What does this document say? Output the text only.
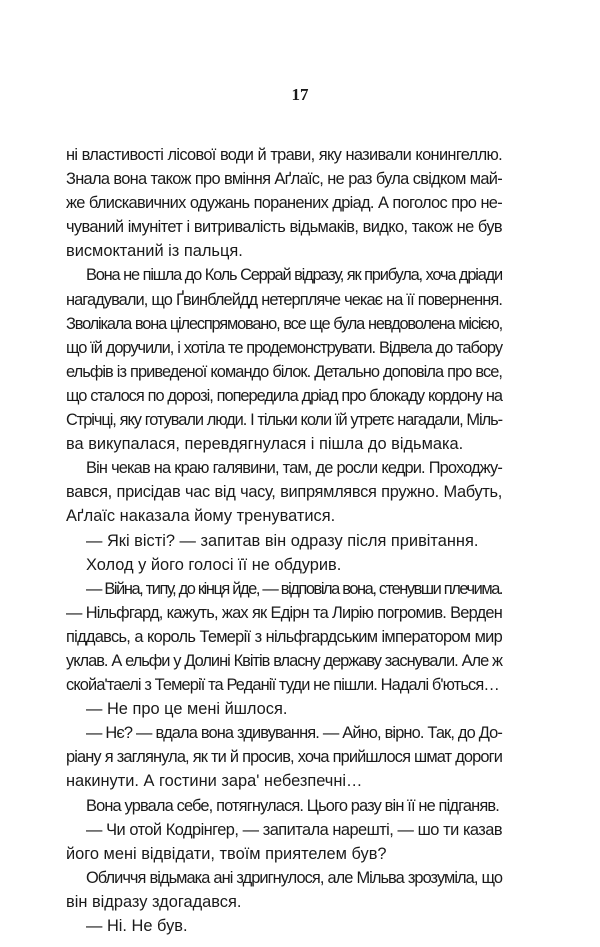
17
ні властивості лісової води й трави, яку називали конингеллю.
Знала вона також про вміння Аґлаїс, не раз була свідком май-
же блискавичних одужань поранених дріад. А поголос про не-
чуваний імунітет і витривалість відьмаків, видко, також не був
висмоктаний із пальця.
Вона не пішла до Коль Серрай відразу, як прибула, хоча дріади
нагадували, що Ґвинблейдд нетерпляче чекає на її повернення.
Зволікала вона цілеспрямовано, все ще була невдоволена місією,
що їй доручили, і хотіла те продемонструвати. Відвела до табору
ельфів із приведеної командо білок. Детально доповіла про все,
що сталося по дорозі, попередила дріад про блокаду кордону на
Стрічці, яку готували люди. І тільки коли їй утретє нагадали, Міль-
ва викупалася, перевдягнулася і пішла до відьмака.
Він чекав на краю галявини, там, де росли кедри. Проходжу-
вався, присідав час від часу, випрямлявся пружно. Мабуть,
Аґлаїс наказала йому тренуватися.
— Які вісті? — запитав він одразу після привітання.
Холод у його голосі її не обдурив.
— Війна, типу, до кінця йде, — відповіла вона, стенувши плечима.
— Нільфгард, кажуть, жах як Едірн та Лирію погромив. Верден
піддавсь, а король Темерії з нільфгардським імператором мир
уклав. А ельфи у Долині Квітів власну державу заснували. Але ж
скойа'таелі з Темерії та Реданії туди не пішли. Надалі б'ються…
— Не про це мені йшлося.
— Нє? — вдала вона здивування. — Айно, вірно. Так, до До-
ріану я заглянула, як ти й просив, хоча прийшлося шмат дороги
накинути. А гостини зара' небезпечні…
Вона урвала себе, потягнулася. Цього разу він її не підганяв.
— Чи отой Кодрінгер, — запитала нарешті, — шо ти казав
його мені відвідати, твоїм приятелем був?
Обличчя відьмака ані здригнулося, але Мільва зрозуміла, що
він відразу здогадався.
— Ні. Не був.
